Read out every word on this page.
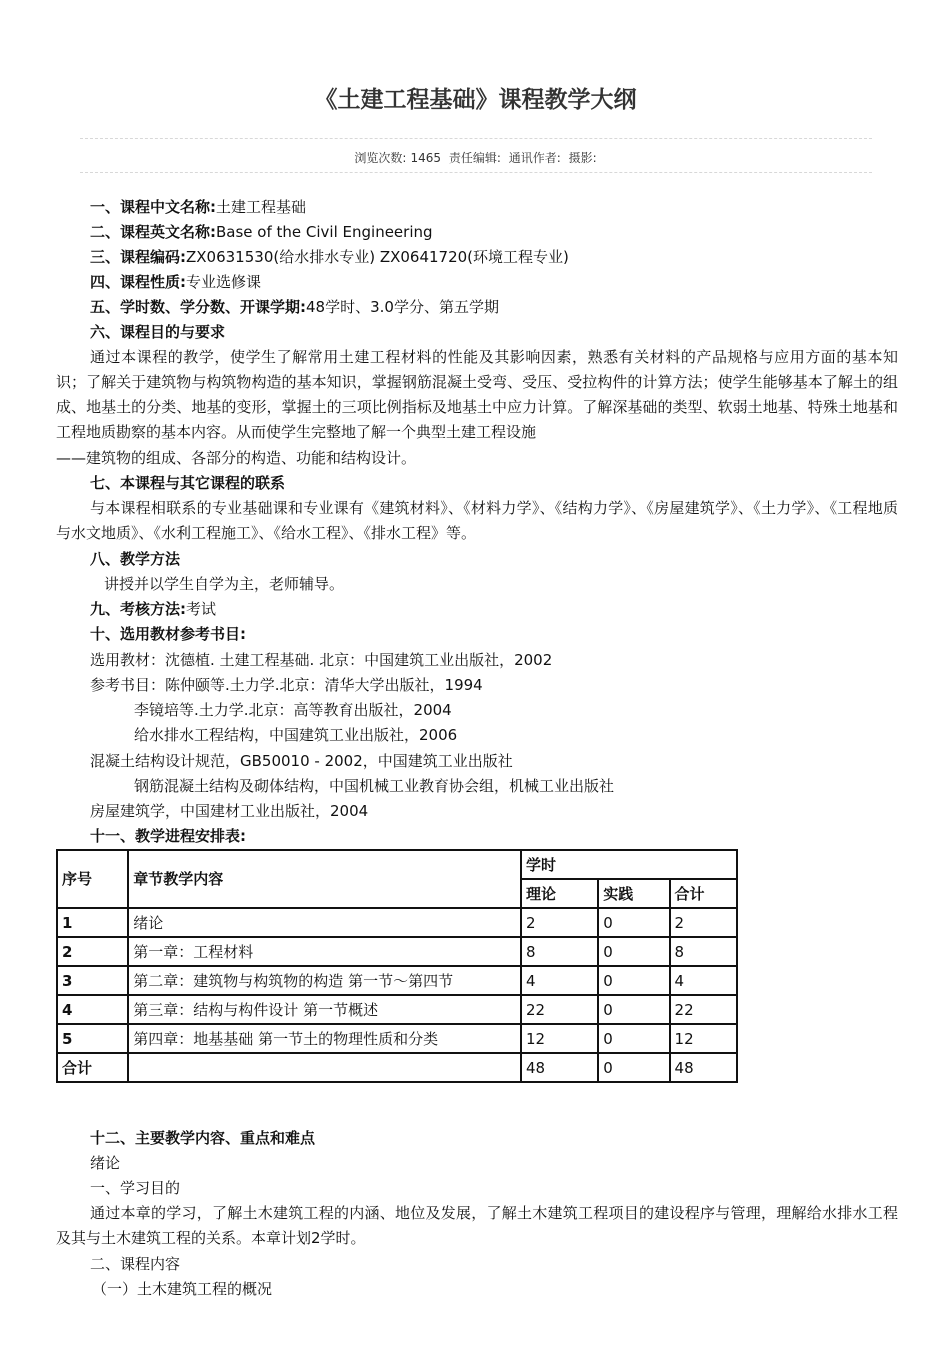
《土建工程基础》课程教学大纲
浏览次数: 1465 责任编辑: 通讯作者: 摄影:
一、课程中文名称:土建工程基础
二、课程英文名称:Base of the Civil Engineering
三、课程编码:ZX0631530(给水排水专业) ZX0641720(环境工程专业)
四、课程性质:专业选修课
五、学时数、学分数、开课学期:48学时、3.0学分、第五学期
六、课程目的与要求
通过本课程的教学，使学生了解常用土建工程材料的性能及其影响因素，熟悉有关材料的产品规格与应用方面的基本知识；了解关于建筑物与构筑物构造的基本知识，掌握钢筋混凝土受弯、受压、受拉构件的计算方法；使学生能够基本了解土的组成、地基土的分类、地基的变形，掌握土的三项比例指标及地基土中应力计算。了解深基础的类型、软弱土地基、特殊土地基和工程地质勘察的基本内容。从而使学生完整地了解一个典型土建工程设施
——建筑物的组成、各部分的构造、功能和结构设计。
七、本课程与其它课程的联系
与本课程相联系的专业基础课和专业课有《建筑材料》、《材料力学》、《结构力学》、《房屋建筑学》、《土力学》、《工程地质与水文地质》、《水利工程施工》、《给水工程》、《排水工程》等。
八、教学方法
讲授并以学生自学为主，老师辅导。
九、考核方法:考试
十、选用教材参考书目:
选用教材：沈德植. 土建工程基础. 北京：中国建筑工业出版社，2002
参考书目：陈仲颐等.土力学.北京：清华大学出版社，1994
李镜培等.土力学.北京：高等教育出版社，2004
给水排水工程结构，中国建筑工业出版社，2006
混凝土结构设计规范，GB50010 - 2002，中国建筑工业出版社
钢筋混凝土结构及砌体结构，中国机械工业教育协会组，机械工业出版社
房屋建筑学，中国建材工业出版社，2004
十一、教学进程安排表:
序号	章节教学内容	学时		
		理论	实践	合计
1	绪论	2	0	2
2	第一章：工程材料	8	0	8
3	第二章：建筑物与构筑物的构造 第一节～第四节	4	0	4
4	第三章：结构与构件设计 第一节概述	22	0	22
5	第四章：地基基础 第一节土的物理性质和分类	12	0	12
合计		48	0	48
十二、主要教学内容、重点和难点
绪论
一、学习目的
通过本章的学习，了解土木建筑工程的内涵、地位及发展，了解土木建筑工程项目的建设程序与管理，理解给水排水工程及其与土木建筑工程的关系。本章计划2学时。
二、课程内容
（一）土木建筑工程的概况
